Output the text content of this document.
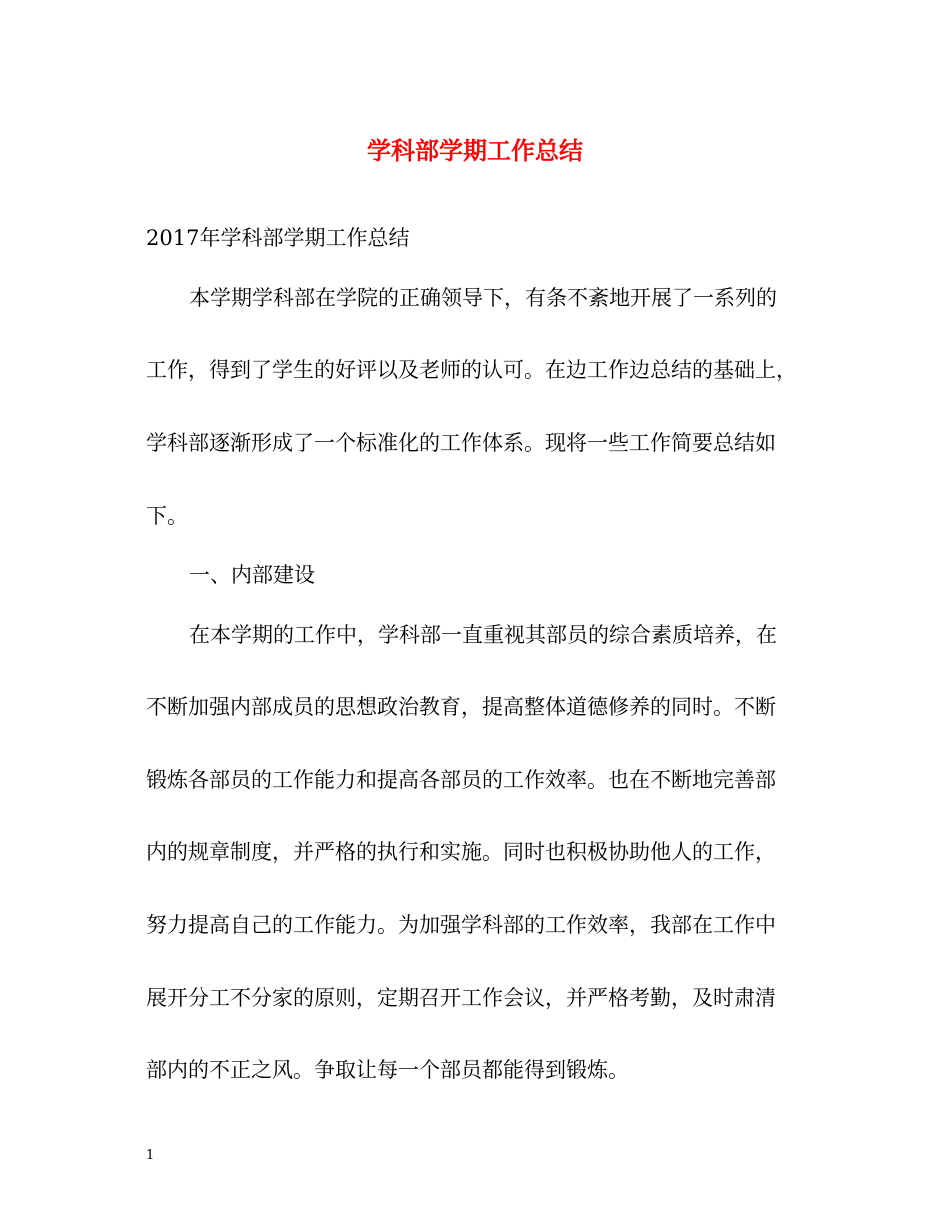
学科部学期工作总结
2017年学科部学期工作总结
本学期学科部在学院的正确领导下，有条不紊地开展了一系列的
工作，得到了学生的好评以及老师的认可。在边工作边总结的基础上，
学科部逐渐形成了一个标准化的工作体系。现将一些工作简要总结如
下。
一、内部建设
在本学期的工作中，学科部一直重视其部员的综合素质培养，在
不断加强内部成员的思想政治教育，提高整体道德修养的同时。不断
锻炼各部员的工作能力和提高各部员的工作效率。也在不断地完善部
内的规章制度，并严格的执行和实施。同时也积极协助他人的工作，
努力提高自己的工作能力。为加强学科部的工作效率，我部在工作中
展开分工不分家的原则，定期召开工作会议，并严格考勤，及时肃清
部内的不正之风。争取让每一个部员都能得到锻炼。
1
